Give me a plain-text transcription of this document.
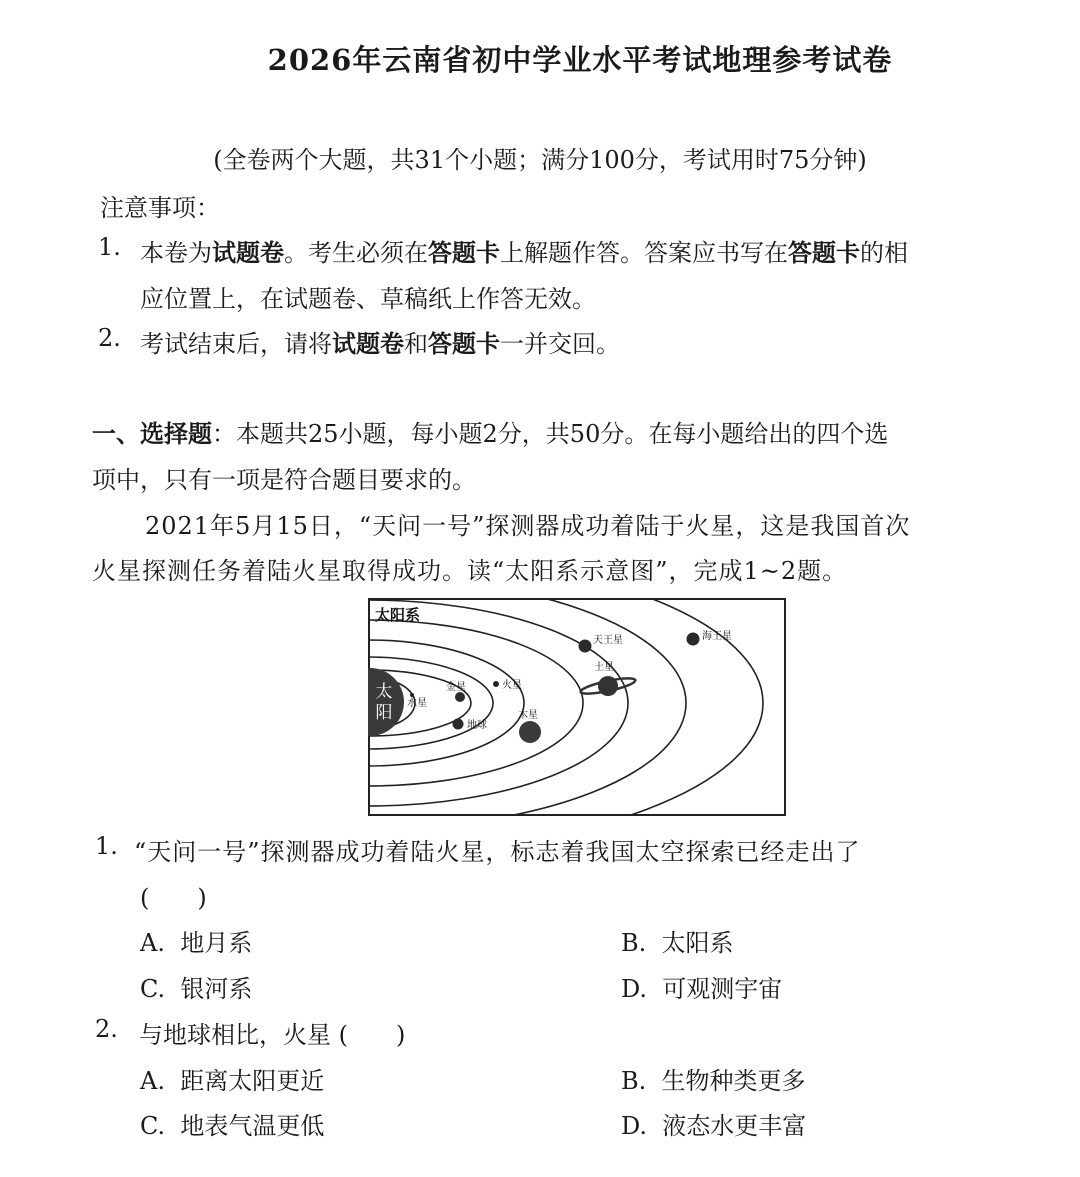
2026年云南省初中学业水平考试地理参考试卷
(全卷两个大题，共31个小题；满分100分，考试用时75分钟)
注意事项：
1. 本卷为试题卷。考生必须在答题卡上解题作答。答案应书写在答题卡的相
应位置上，在试题卷、草稿纸上作答无效。
2. 考试结束后，请将试题卷和答题卡一并交回。
一、选择题：本题共25小题，每小题2分，共50分。在每小题给出的四个选
项中，只有一项是符合题目要求的。
2021年5月15日，“天问一号”探测器成功着陆于火星，这是我国首次
火星探测任务着陆火星取得成功。读“太阳系示意图”，完成1~2题。
太
阳
太阳系
水星
金星
地球
火星
木星
土星
天王星	海王星
1. “天问一号”探测器成功着陆火星，标志着我国太空探索已经走出了
(　　)
A. 地月系	B. 太阳系
C. 银河系	D. 可观测宇宙
2. 与地球相比，火星 (　　)
A. 距离太阳更近	B. 生物种类更多
C. 地表气温更低	D. 液态水更丰富
